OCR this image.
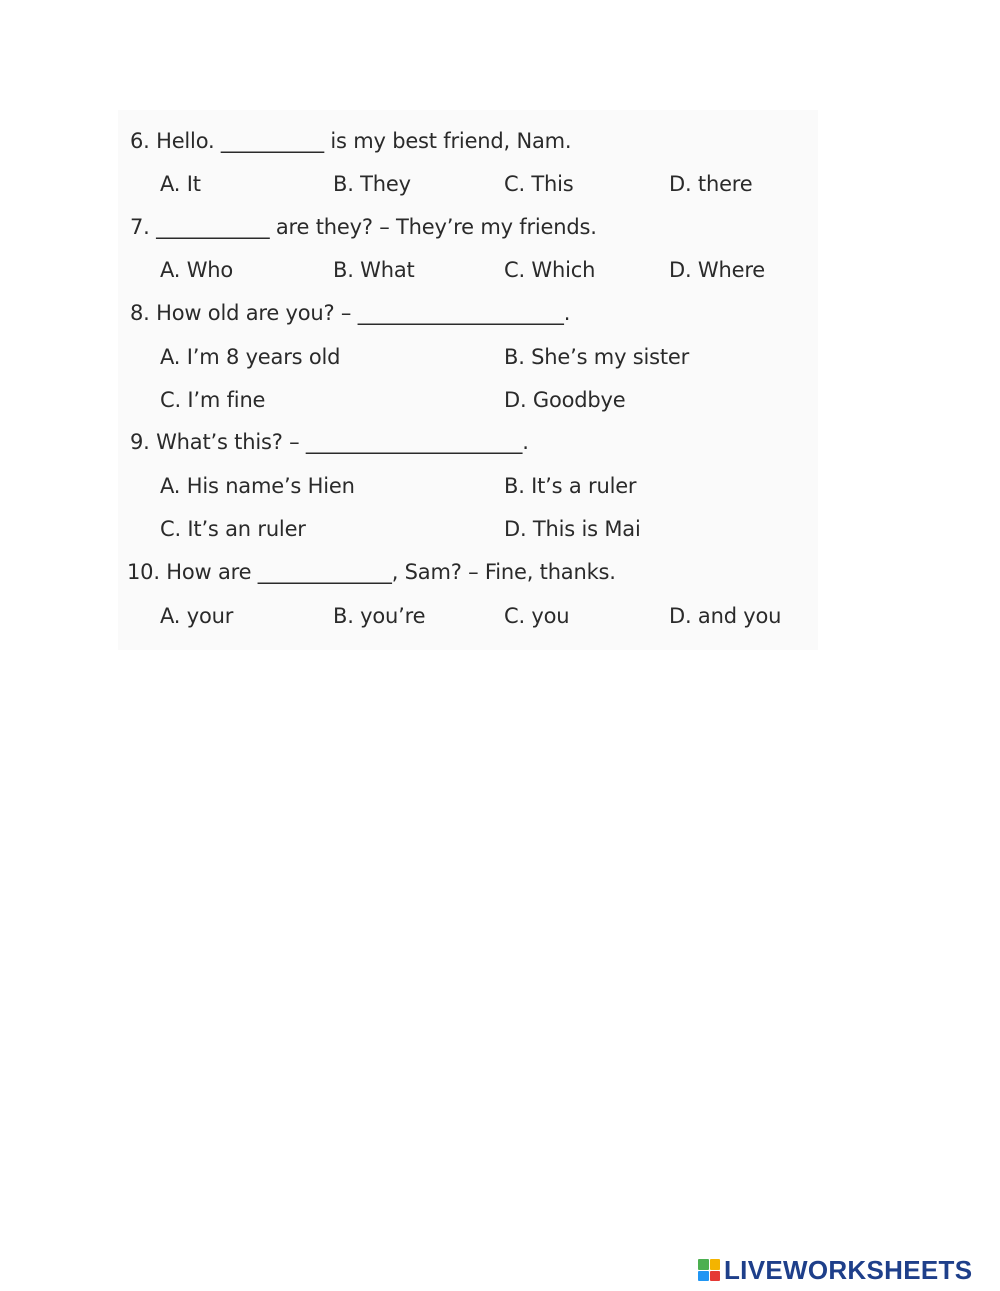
6. Hello. __________ is my best friend, Nam.
A. It	B. They	C. This	D. there
7. ___________ are they? – They’re my friends.
A. Who	B. What	C. Which	D. Where
8. How old are you? – ____________________.
A. I’m 8 years old	B. She’s my sister
C. I’m fine	D. Goodbye
9. What’s this? – _____________________.
A. His name’s Hien	B. It’s a ruler
C. It’s an ruler	D. This is Mai
10. How are _____________, Sam? – Fine, thanks.
A. your	B. you’re	C. you	D. and you
LIVEWORKSHEETS
